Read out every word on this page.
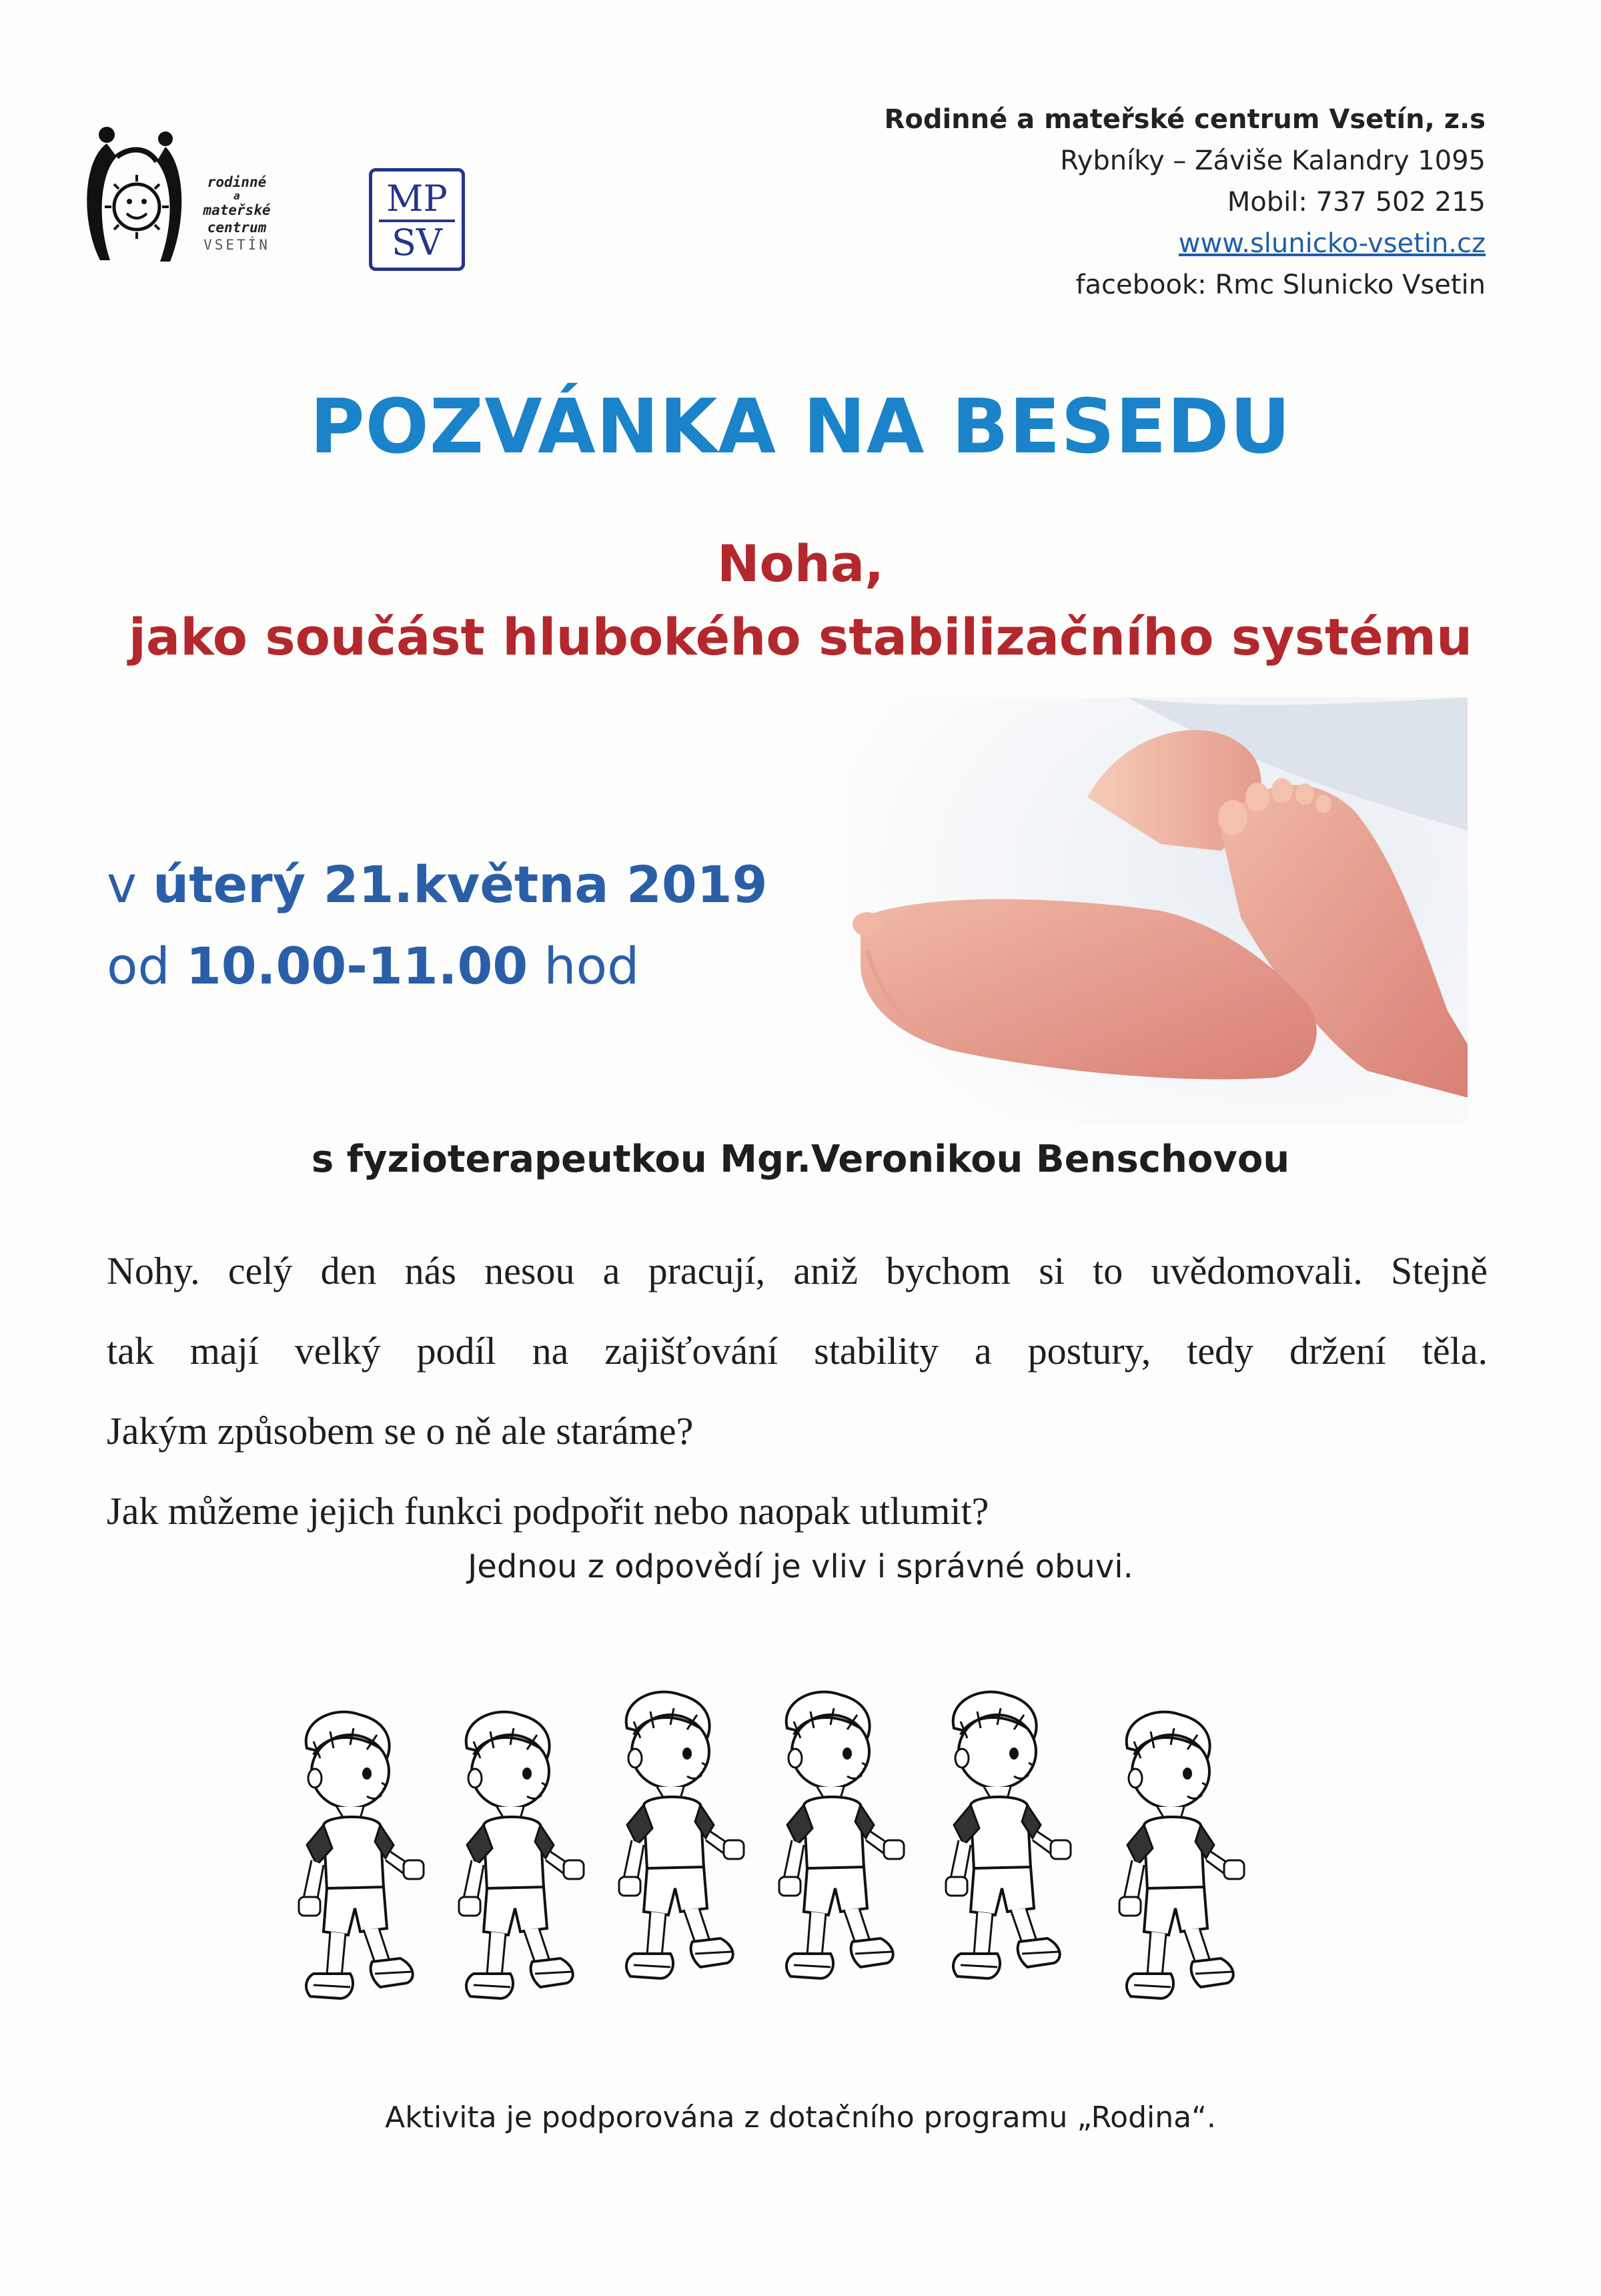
rodinné
a
mateřské
centrum
VSETÍN
MP
SV
Rodinné a mateřské centrum Vsetín, z.s
Rybníky – Záviše Kalandry 1095
Mobil: 737 502 215
www.slunicko-vsetin.cz
facebook: Rmc Slunicko Vsetin
POZVÁNKA NA BESEDU
Noha,
jako součást hlubokého stabilizačního systému
v úterý 21.května 2019
od 10.00-11.00 hod
s fyzioterapeutkou Mgr.Veronikou Benschovou
Nohy. celý den nás nesou a pracují, aniž bychom si to uvědomovali. Stejně
tak mají velký podíl na zajišťování stability a postury, tedy držení těla.
Jakým způsobem se o ně ale staráme?
Jak můžeme jejich funkci podpořit nebo naopak utlumit?
Jednou z odpovědí je vliv i správné obuvi.
Aktivita je podporována z dotačního programu „Rodina“.
